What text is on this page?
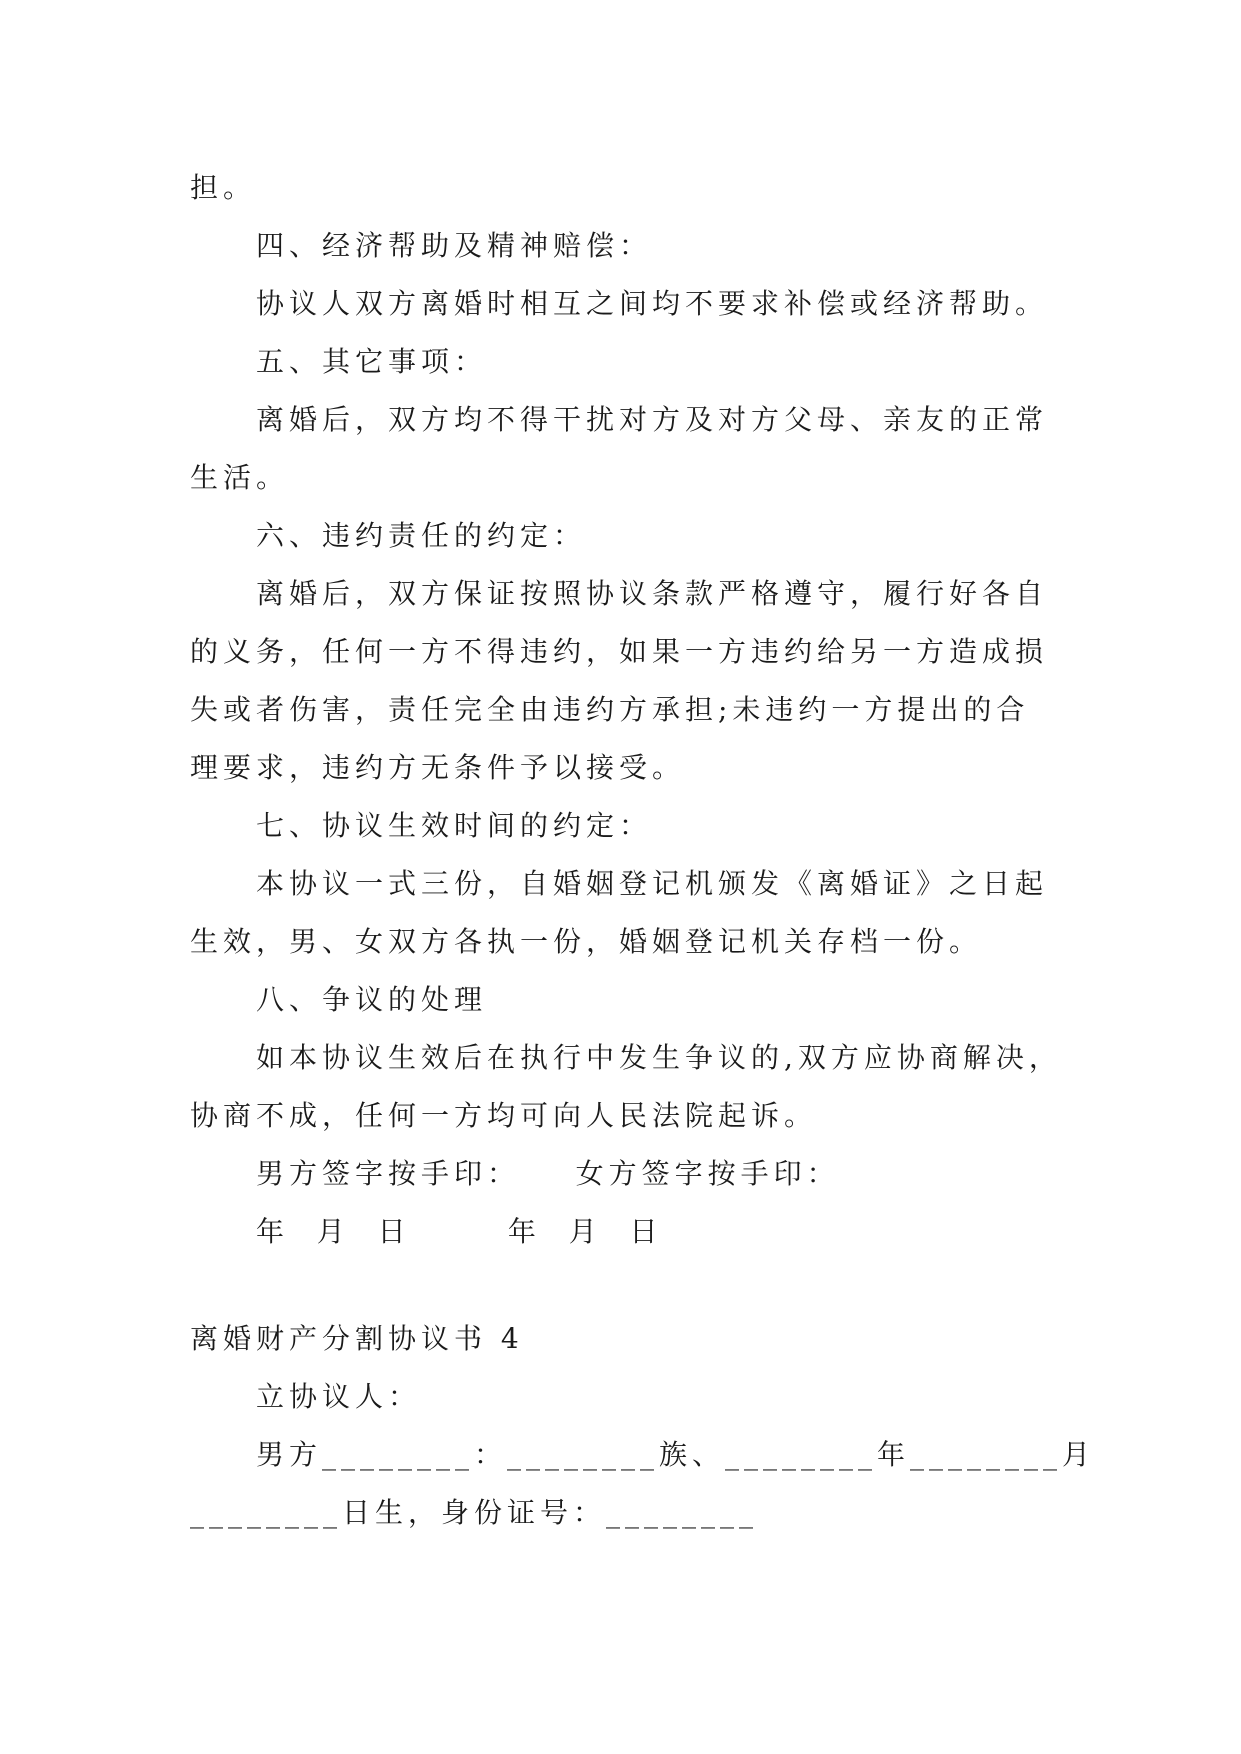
担。
四、经济帮助及精神赔偿：
协议人双方离婚时相互之间均不要求补偿或经济帮助。
五、其它事项：
离婚后，双方均不得干扰对方及对方父母、亲友的正常
生活。
六、违约责任的约定：
离婚后，双方保证按照协议条款严格遵守，履行好各自
的义务，任何一方不得违约，如果一方违约给另一方造成损
失或者伤害，责任完全由违约方承担;未违约一方提出的合
理要求，违约方无条件予以接受。
七、协议生效时间的约定：
本协议一式三份，自婚姻登记机颁发《离婚证》之日起
生效，男、女双方各执一份，婚姻登记机关存档一份。
八、争议的处理
如本协议生效后在执行中发生争议的,双方应协商解决，
协商不成，任何一方均可向人民法院起诉。
男方签字按手印：    女方签字按手印：
年  月  日       年  月  日
离婚财产分割协议书 4
立协议人：
男方________：________族、________年________月
________日生，身份证号：________
